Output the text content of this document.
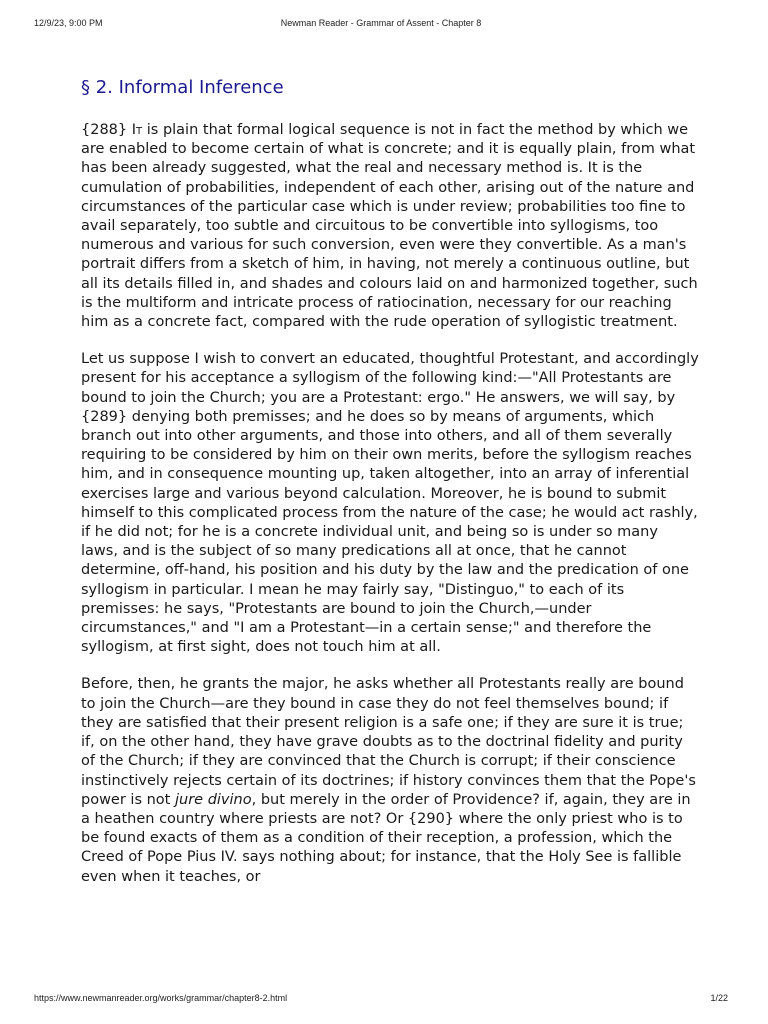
12/9/23, 9:00 PM	Newman Reader - Grammar of Assent - Chapter 8
§ 2. Informal Inference

{288} It is plain that formal logical sequence is not in fact the method by which we are enabled to become certain of what is concrete; and it is equally plain, from what has been already suggested, what the real and necessary method is. It is the cumulation of probabilities, independent of each other, arising out of the nature and circumstances of the particular case which is under review; probabilities too fine to avail separately, too subtle and circuitous to be convertible into syllogisms, too numerous and various for such conversion, even were they convertible. As a man's portrait differs from a sketch of him, in having, not merely a continuous outline, but all its details filled in, and shades and colours laid on and harmonized together, such is the multiform and intricate process of ratiocination, necessary for our reaching him as a concrete fact, compared with the rude operation of syllogistic treatment.

Let us suppose I wish to convert an educated, thoughtful Protestant, and accordingly present for his acceptance a syllogism of the following kind:—"All Protestants are bound to join the Church; you are a Protestant: ergo." He answers, we will say, by {289} denying both premisses; and he does so by means of arguments, which branch out into other arguments, and those into others, and all of them severally requiring to be considered by him on their own merits, before the syllogism reaches him, and in consequence mounting up, taken altogether, into an array of inferential exercises large and various beyond calculation. Moreover, he is bound to submit himself to this complicated process from the nature of the case; he would act rashly, if he did not; for he is a concrete individual unit, and being so is under so many laws, and is the subject of so many predications all at once, that he cannot determine, off-hand, his position and his duty by the law and the predication of one syllogism in particular. I mean he may fairly say, "Distinguo," to each of its premisses: he says, "Protestants are bound to join the Church,—under circumstances," and "I am a Protestant—in a certain sense;" and therefore the syllogism, at first sight, does not touch him at all.

Before, then, he grants the major, he asks whether all Protestants really are bound to join the Church—are they bound in case they do not feel themselves bound; if they are satisfied that their present religion is a safe one; if they are sure it is true; if, on the other hand, they have grave doubts as to the doctrinal fidelity and purity of the Church; if they are convinced that the Church is corrupt; if their conscience instinctively rejects certain of its doctrines; if history convinces them that the Pope's power is not jure divino, but merely in the order of Providence? if, again, they are in a heathen country where priests are not? Or {290} where the only priest who is to be found exacts of them as a condition of their reception, a profession, which the Creed of Pope Pius IV. says nothing about; for instance, that the Holy See is fallible even when it teaches, or

https://www.newmanreader.org/works/grammar/chapter8-2.html	1/22
